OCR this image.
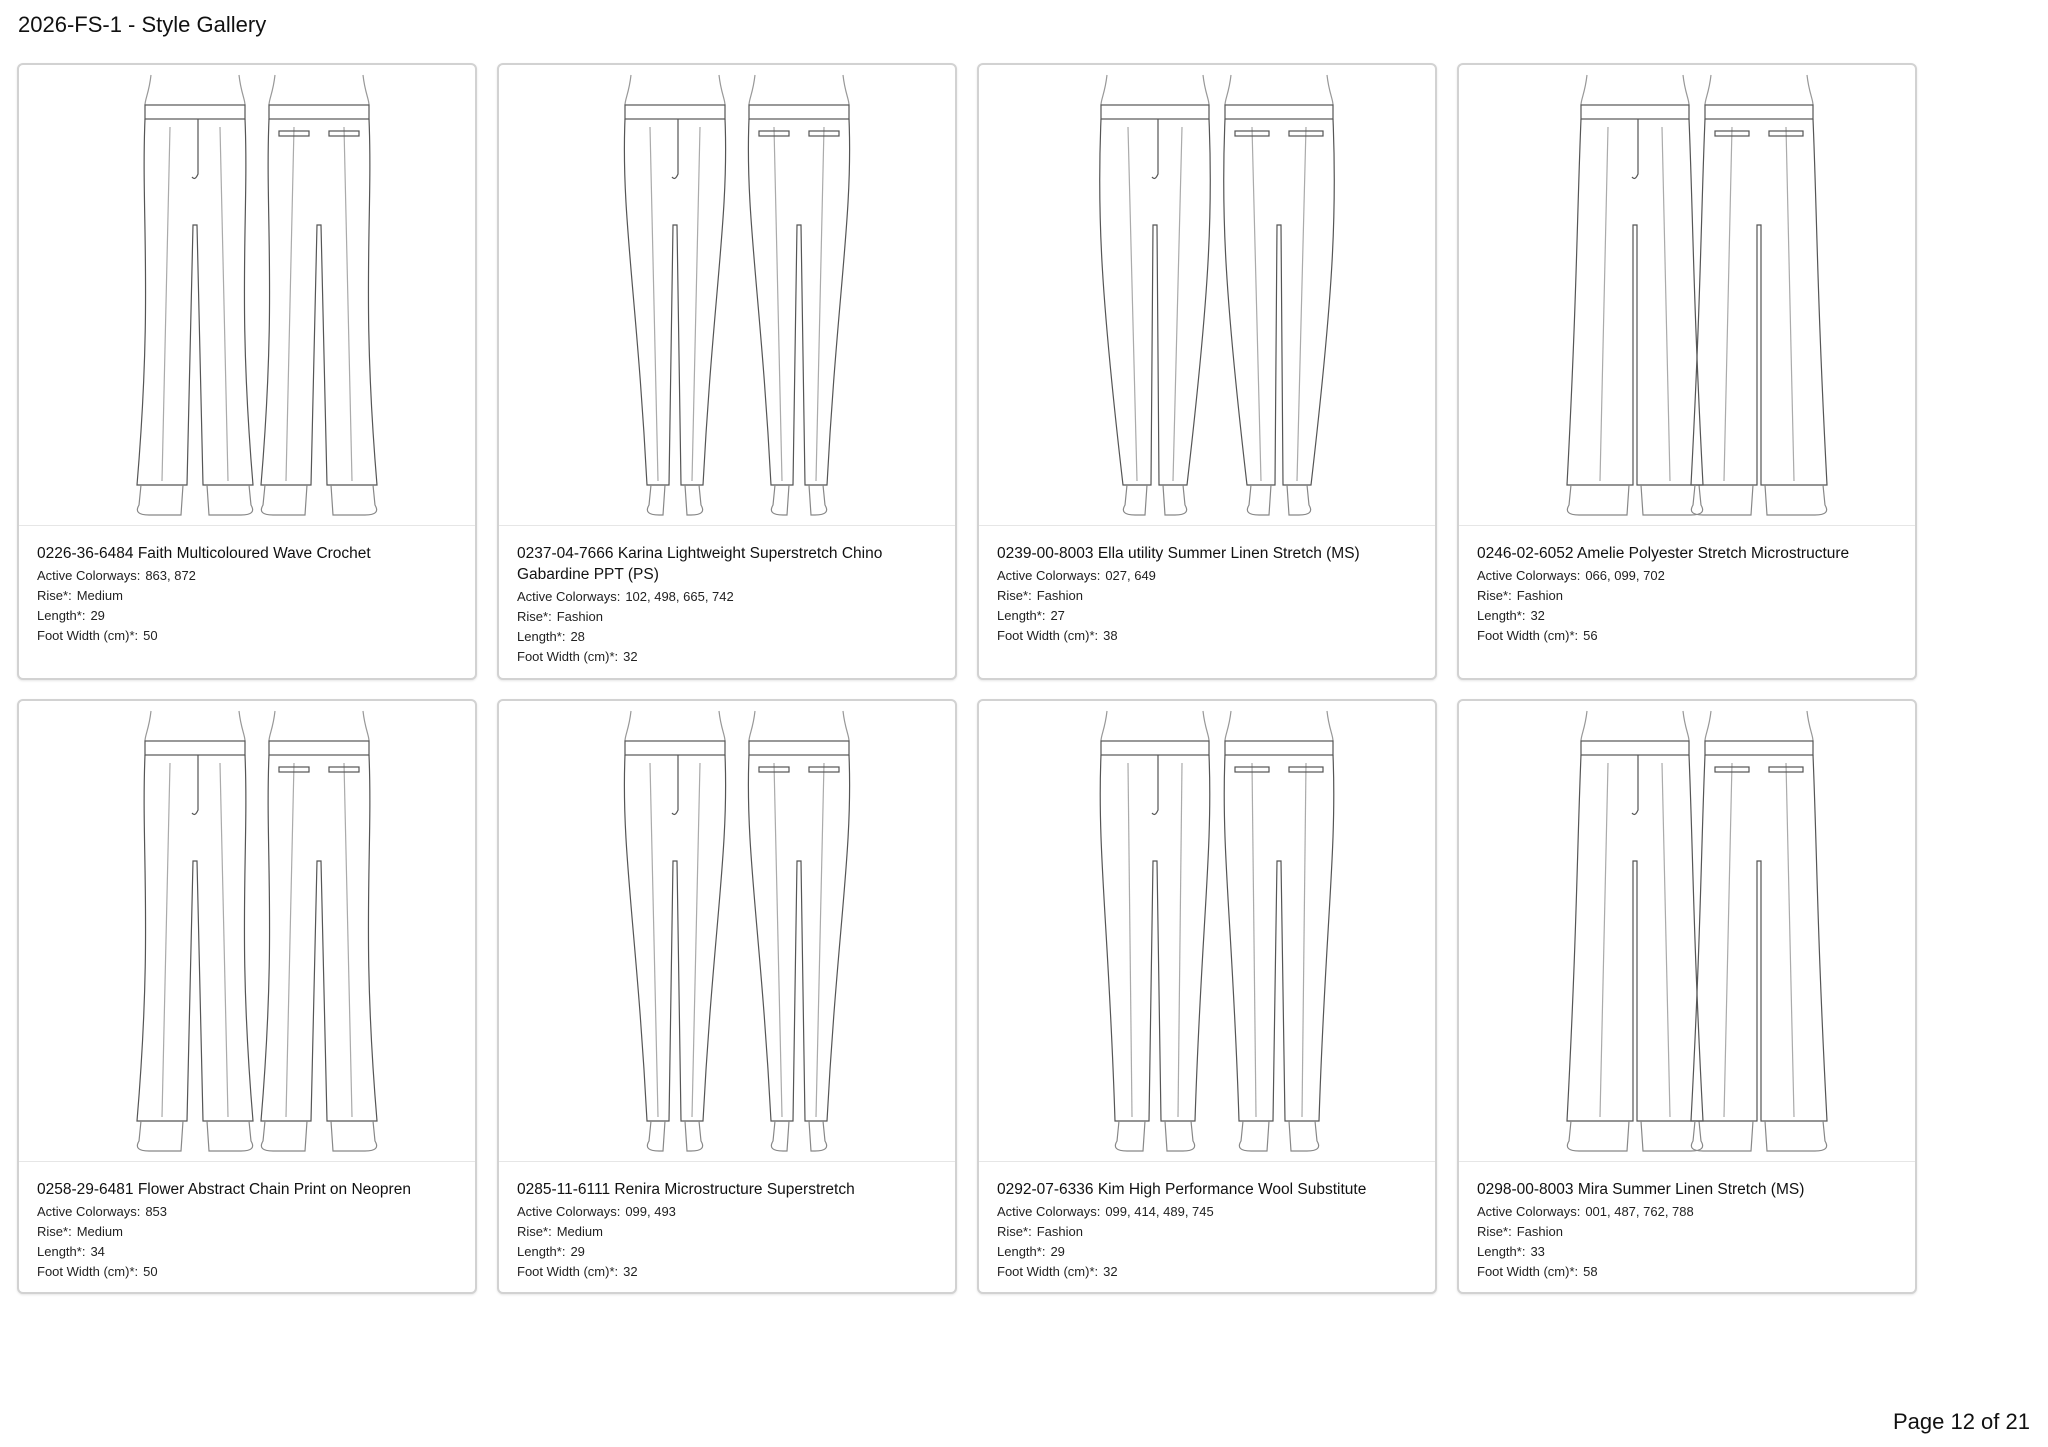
2026-FS-1 - Style Gallery
0226-36-6484 Faith Multicoloured Wave Crochet
Active Colorways: 863, 872
Rise*: Medium
Length*: 29
Foot Width (cm)*: 50
0237-04-7666 Karina Lightweight Superstretch Chino Gabardine PPT (PS)
Active Colorways: 102, 498, 665, 742
Rise*: Fashion
Length*: 28
Foot Width (cm)*: 32
0239-00-8003 Ella utility Summer Linen Stretch (MS)
Active Colorways: 027, 649
Rise*: Fashion
Length*: 27
Foot Width (cm)*: 38
0246-02-6052 Amelie Polyester Stretch Microstructure
Active Colorways: 066, 099, 702
Rise*: Fashion
Length*: 32
Foot Width (cm)*: 56
0258-29-6481 Flower Abstract Chain Print on Neopren
Active Colorways: 853
Rise*: Medium
Length*: 34
Foot Width (cm)*: 50
0285-11-6111 Renira Microstructure Superstretch
Active Colorways: 099, 493
Rise*: Medium
Length*: 29
Foot Width (cm)*: 32
0292-07-6336 Kim High Performance Wool Substitute
Active Colorways: 099, 414, 489, 745
Rise*: Fashion
Length*: 29
Foot Width (cm)*: 32
0298-00-8003 Mira Summer Linen Stretch (MS)
Active Colorways: 001, 487, 762, 788
Rise*: Fashion
Length*: 33
Foot Width (cm)*: 58
Page 12 of 21
